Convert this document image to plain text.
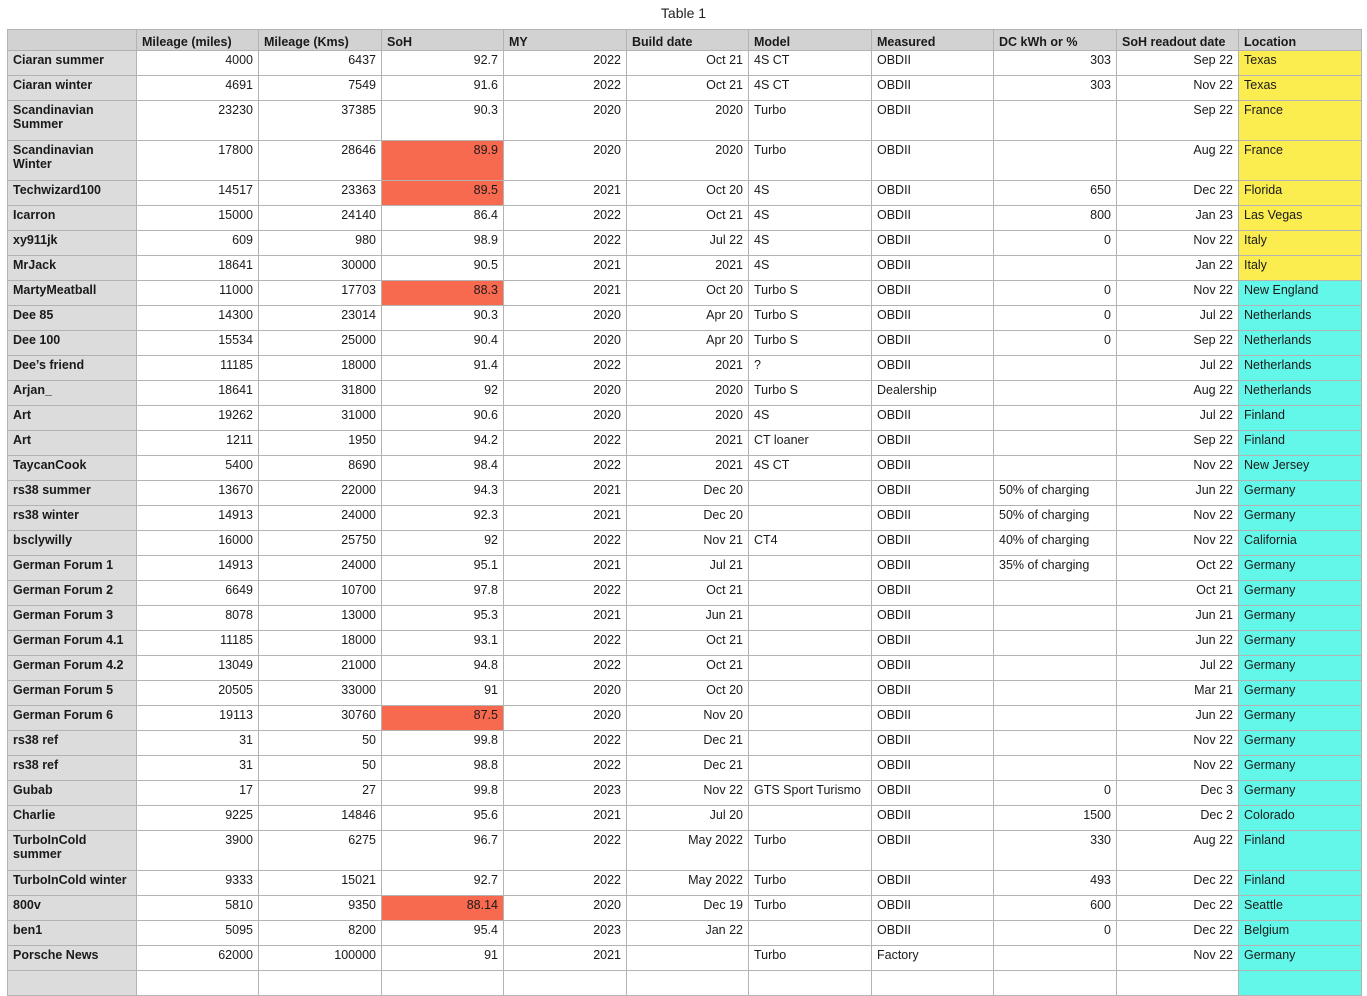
Table 1
	Mileage (miles)	Mileage (Kms)	SoH	MY	Build date	Model	Measured	DC kWh or %	SoH readout date	Location
Ciaran summer	4000	6437	92.7	2022	Oct 21	4S CT	OBDII	303	Sep 22	Texas
Ciaran winter	4691	7549	91.6	2022	Oct 21	4S CT	OBDII	303	Nov 22	Texas
Scandinavian Summer	23230	37385	90.3	2020	2020	Turbo	OBDII		Sep 22	France
Scandinavian Winter	17800	28646	89.9	2020	2020	Turbo	OBDII		Aug 22	France
Techwizard100	14517	23363	89.5	2021	Oct 20	4S	OBDII	650	Dec 22	Florida
Icarron	15000	24140	86.4	2022	Oct 21	4S	OBDII	800	Jan 23	Las Vegas
xy911jk	609	980	98.9	2022	Jul 22	4S	OBDII	0	Nov 22	Italy
MrJack	18641	30000	90.5	2021	2021	4S	OBDII		Jan 22	Italy
MartyMeatball	11000	17703	88.3	2021	Oct 20	Turbo S	OBDII	0	Nov 22	New England
Dee 85	14300	23014	90.3	2020	Apr 20	Turbo S	OBDII	0	Jul 22	Netherlands
Dee 100	15534	25000	90.4	2020	Apr 20	Turbo S	OBDII	0	Sep 22	Netherlands
Dee’s friend	11185	18000	91.4	2022	2021	?	OBDII		Jul 22	Netherlands
Arjan_	18641	31800	92	2020	2020	Turbo S	Dealership		Aug 22	Netherlands
Art	19262	31000	90.6	2020	2020	4S	OBDII		Jul 22	Finland
Art	1211	1950	94.2	2022	2021	CT loaner	OBDII		Sep 22	Finland
TaycanCook	5400	8690	98.4	2022	2021	4S CT	OBDII		Nov 22	New Jersey
rs38 summer	13670	22000	94.3	2021	Dec 20		OBDII	50% of charging	Jun 22	Germany
rs38 winter	14913	24000	92.3	2021	Dec 20		OBDII	50% of charging	Nov 22	Germany
bsclywilly	16000	25750	92	2022	Nov 21	CT4	OBDII	40% of charging	Nov 22	California
German Forum 1	14913	24000	95.1	2021	Jul 21		OBDII	35% of charging	Oct 22	Germany
German Forum 2	6649	10700	97.8	2022	Oct 21		OBDII		Oct 21	Germany
German Forum 3	8078	13000	95.3	2021	Jun 21		OBDII		Jun 21	Germany
German Forum 4.1	11185	18000	93.1	2022	Oct 21		OBDII		Jun 22	Germany
German Forum 4.2	13049	21000	94.8	2022	Oct 21		OBDII		Jul 22	Germany
German Forum 5	20505	33000	91	2020	Oct 20		OBDII		Mar 21	Germany
German Forum 6	19113	30760	87.5	2020	Nov 20		OBDII		Jun 22	Germany
rs38 ref	31	50	99.8	2022	Dec 21		OBDII		Nov 22	Germany
rs38 ref	31	50	98.8	2022	Dec 21		OBDII		Nov 22	Germany
Gubab	17	27	99.8	2023	Nov 22	GTS Sport Turismo	OBDII	0	Dec 3	Germany
Charlie	9225	14846	95.6	2021	Jul 20		OBDII	1500	Dec 2	Colorado
TurboInCold summer	3900	6275	96.7	2022	May 2022	Turbo	OBDII	330	Aug 22	Finland
TurboInCold winter	9333	15021	92.7	2022	May 2022	Turbo	OBDII	493	Dec 22	Finland
800v	5810	9350	88.14	2020	Dec 19	Turbo	OBDII	600	Dec 22	Seattle
ben1	5095	8200	95.4	2023	Jan 22		OBDII	0	Dec 22	Belgium
Porsche News	62000	100000	91	2021		Turbo	Factory		Nov 22	Germany
